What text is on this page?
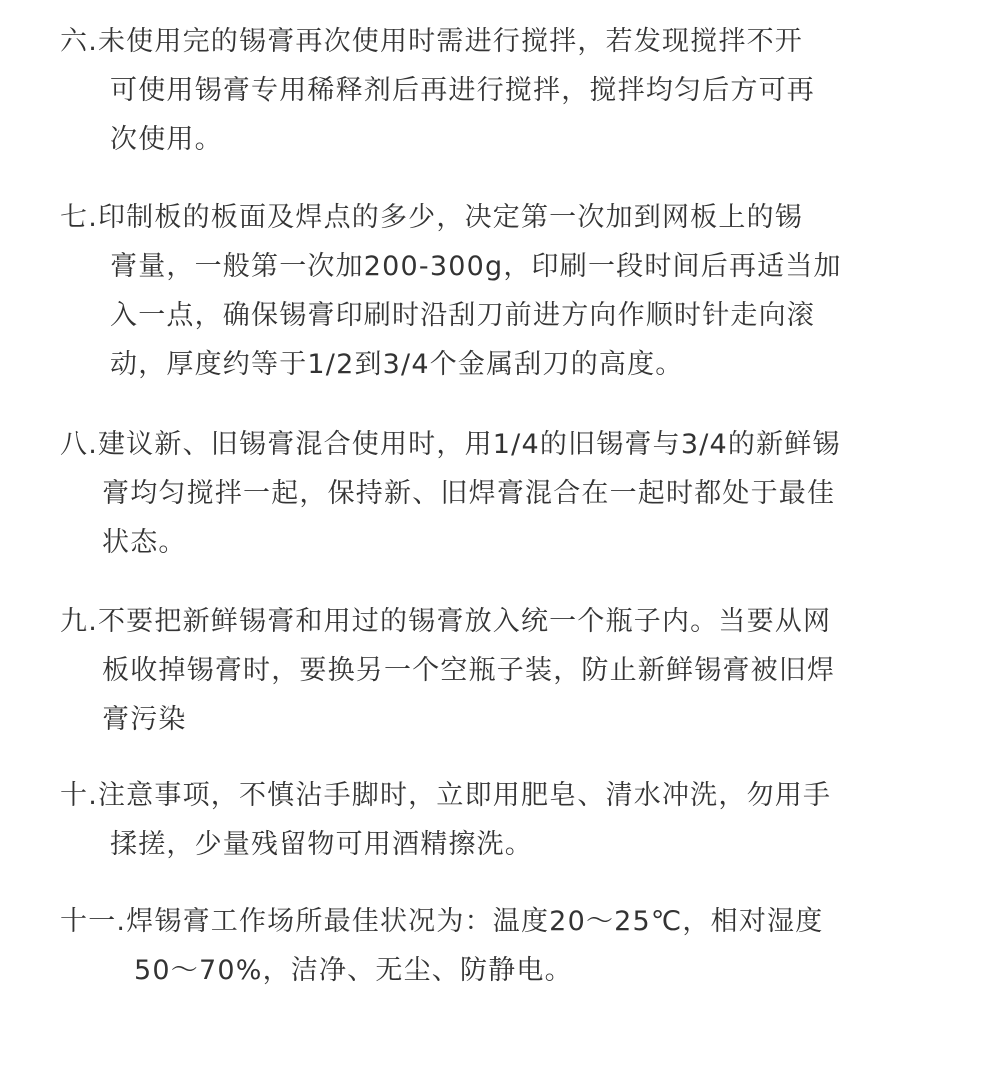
六.未使用完的锡膏再次使用时需进行搅拌，若发现搅拌不开
可使用锡膏专用稀释剂后再进行搅拌，搅拌均匀后方可再
次使用。
七.印制板的板面及焊点的多少，决定第一次加到网板上的锡
膏量，一般第一次加200-300g，印刷一段时间后再适当加
入一点，确保锡膏印刷时沿刮刀前进方向作顺时针走向滚
动，厚度约等于1/2到3/4个金属刮刀的高度。
八.建议新、旧锡膏混合使用时，用1/4的旧锡膏与3/4的新鲜锡
膏均匀搅拌一起，保持新、旧焊膏混合在一起时都处于最佳
状态。
九.不要把新鲜锡膏和用过的锡膏放入统一个瓶子内。当要从网
板收掉锡膏时，要换另一个空瓶子装，防止新鲜锡膏被旧焊
膏污染
十.注意事项，不慎沾手脚时，立即用肥皂、清水冲洗，勿用手
揉搓，少量残留物可用酒精擦洗。
十一.焊锡膏工作场所最佳状况为：温度20～25℃，相对湿度
50～70%，洁净、无尘、防静电。
